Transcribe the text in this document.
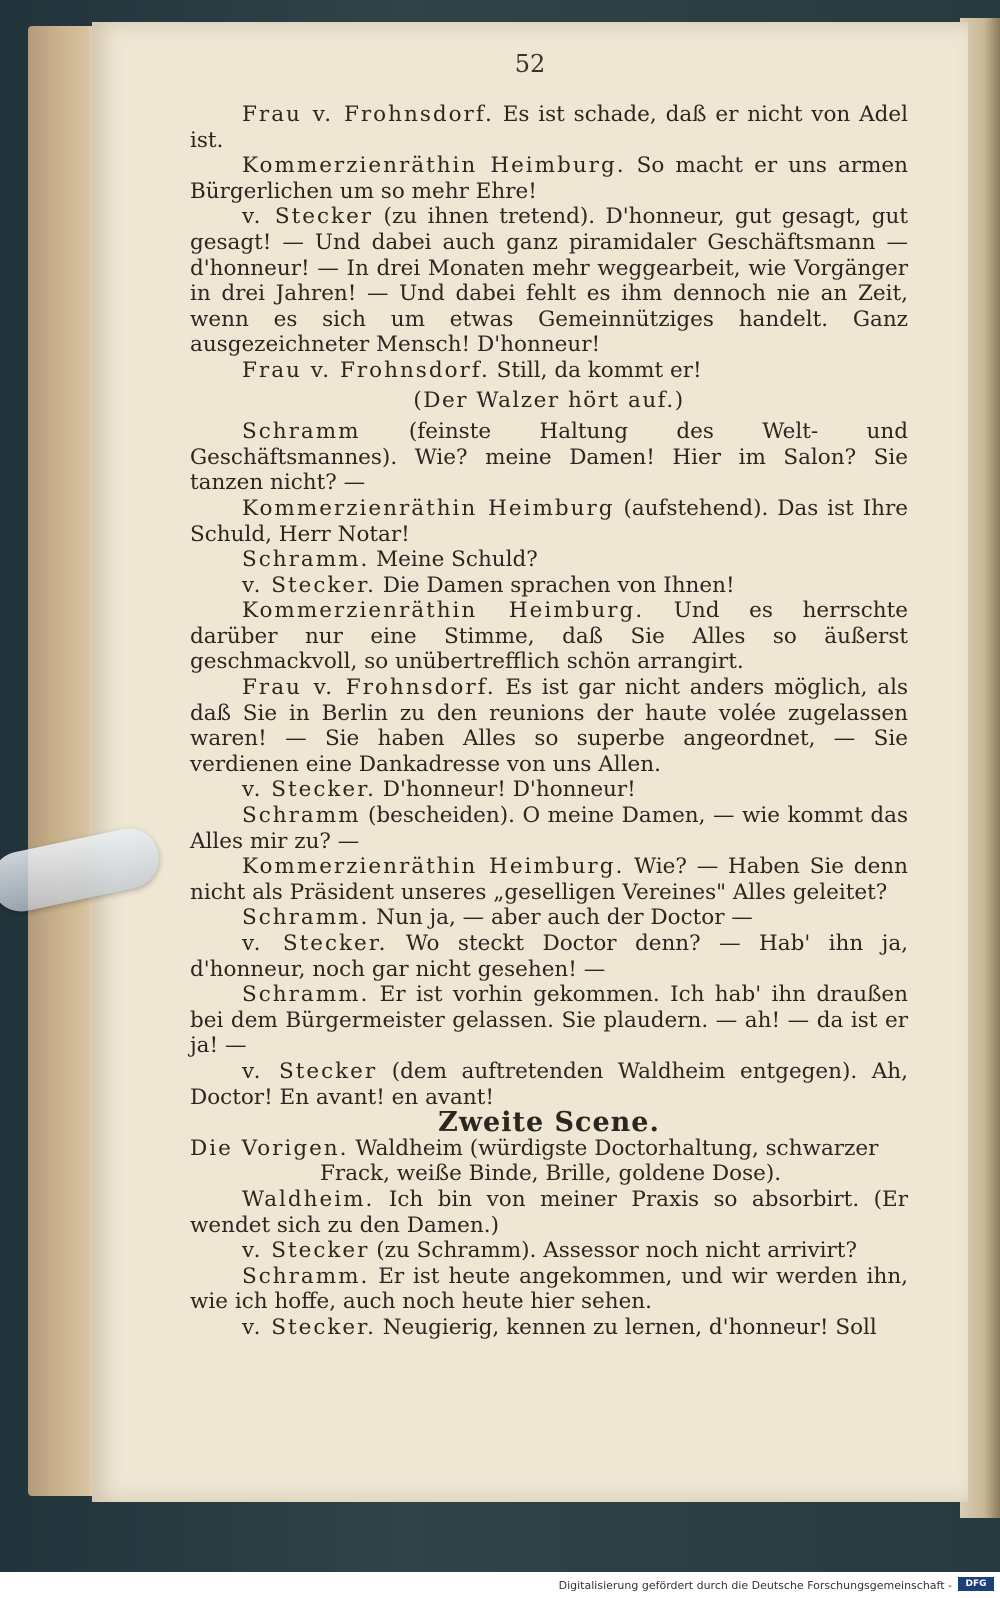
52

Frau v. Frohnsdorf. Es ist schade, daß er nicht von Adel ist.

Kommerzienräthin Heimburg. So macht er uns armen Bürgerlichen um so mehr Ehre!

v. Stecker (zu ihnen tretend). D'honneur, gut gesagt, gut gesagt! — Und dabei auch ganz piramidaler Geschäftsmann — d'honneur! — In drei Monaten mehr weggearbeit, wie Vorgänger in drei Jahren! — Und dabei fehlt es ihm dennoch nie an Zeit, wenn es sich um etwas Gemeinnütziges handelt. Ganz ausgezeichneter Mensch! D'honneur!

Frau v. Frohnsdorf. Still, da kommt er!

(Der Walzer hört auf.)

Schramm (feinste Haltung des Welt- und Geschäftsmannes). Wie? meine Damen! Hier im Salon? Sie tanzen nicht? —

Kommerzienräthin Heimburg (aufstehend). Das ist Ihre Schuld, Herr Notar!

Schramm. Meine Schuld?

v. Stecker. Die Damen sprachen von Ihnen!

Kommerzienräthin Heimburg. Und es herrschte darüber nur eine Stimme, daß Sie Alles so äußerst geschmackvoll, so unübertrefflich schön arrangirt.

Frau v. Frohnsdorf. Es ist gar nicht anders möglich, als daß Sie in Berlin zu den reunions der haute volée zugelassen waren! — Sie haben Alles so superbe angeordnet, — Sie verdienen eine Dankadresse von uns Allen.

v. Stecker. D'honneur! D'honneur!

Schramm (bescheiden). O meine Damen, — wie kommt das Alles mir zu? —

Kommerzienräthin Heimburg. Wie? — Haben Sie denn nicht als Präsident unseres „geselligen Vereines" Alles geleitet?

Schramm. Nun ja, — aber auch der Doctor —

v. Stecker. Wo steckt Doctor denn? — Hab' ihn ja, d'honneur, noch gar nicht gesehen! —

Schramm. Er ist vorhin gekommen. Ich hab' ihn draußen bei dem Bürgermeister gelassen. Sie plaudern. — ah! — da ist er ja! —

v. Stecker (dem auftretenden Waldheim entgegen). Ah, Doctor! En avant! en avant!

Zweite Scene.

Die Vorigen. Waldheim (würdigste Doctorhaltung, schwarzer

Frack, weiße Binde, Brille, goldene Dose).

Waldheim. Ich bin von meiner Praxis so absorbirt. (Er wendet sich zu den Damen.)

v. Stecker (zu Schramm). Assessor noch nicht arrivirt?

Schramm. Er ist heute angekommen, und wir werden ihn, wie ich hoffe, auch noch heute hier sehen.

v. Stecker. Neugierig, kennen zu lernen, d'honneur! Soll

Digitalisierung gefördert durch die Deutsche Forschungsgemeinschaft -	DFG
